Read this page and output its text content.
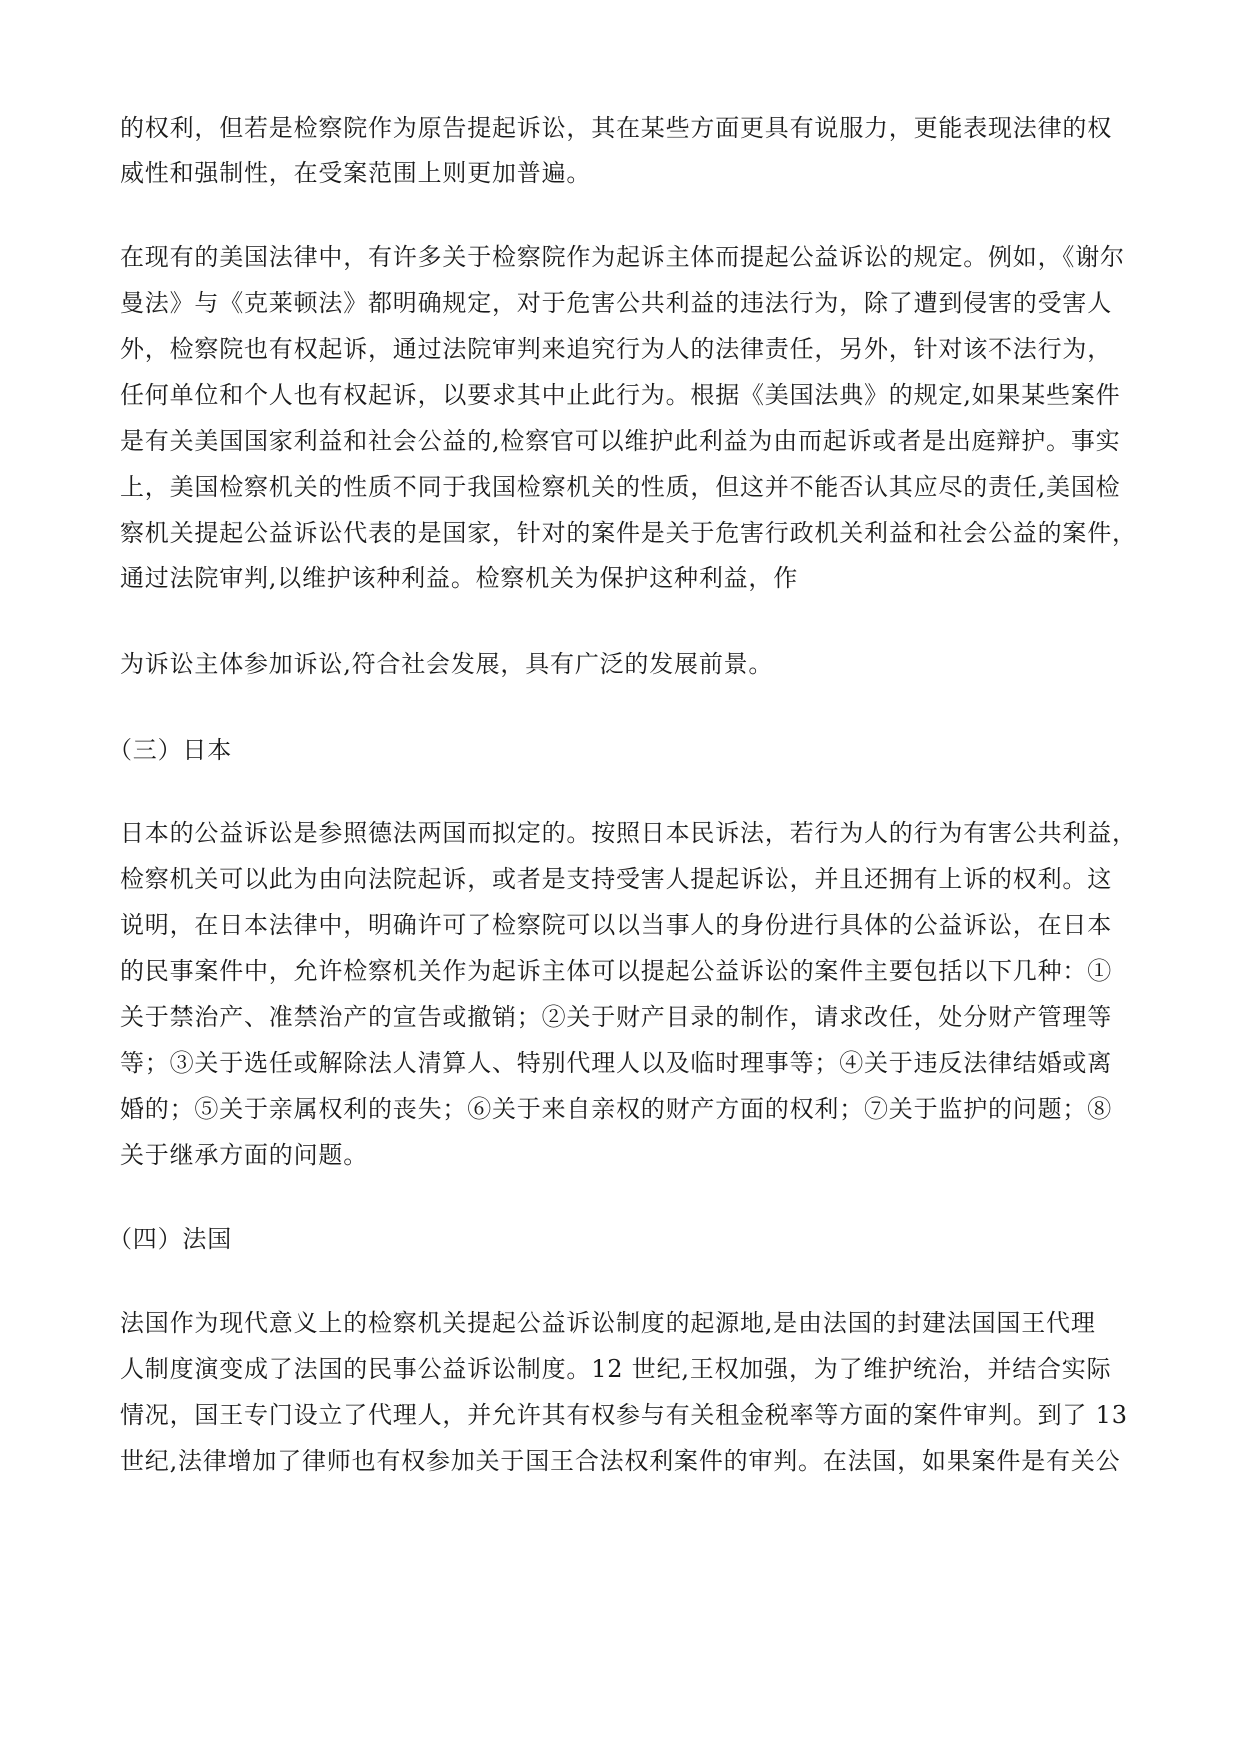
的权利，但若是检察院作为原告提起诉讼，其在某些方面更具有说服力，更能表现法律的权
威性和强制性，在受案范围上则更加普遍。
在现有的美国法律中，有许多关于检察院作为起诉主体而提起公益诉讼的规定。例如，《谢尔
曼法》与《克莱顿法》都明确规定，对于危害公共利益的违法行为，除了遭到侵害的受害人
外，检察院也有权起诉，通过法院审判来追究行为人的法律责任，另外，针对该不法行为，
任何单位和个人也有权起诉，以要求其中止此行为。根据《美国法典》的规定,如果某些案件
是有关美国国家利益和社会公益的,检察官可以维护此利益为由而起诉或者是出庭辩护。事实
上，美国检察机关的性质不同于我国检察机关的性质，但这并不能否认其应尽的责任,美国检
察机关提起公益诉讼代表的是国家，针对的案件是关于危害行政机关利益和社会公益的案件，
通过法院审判,以维护该种利益。检察机关为保护这种利益，作
为诉讼主体参加诉讼,符合社会发展，具有广泛的发展前景。
（三）日本
日本的公益诉讼是参照德法两国而拟定的。按照日本民诉法，若行为人的行为有害公共利益，
检察机关可以此为由向法院起诉，或者是支持受害人提起诉讼，并且还拥有上诉的权利。这
说明，在日本法律中，明确许可了检察院可以以当事人的身份进行具体的公益诉讼，在日本
的民事案件中，允许检察机关作为起诉主体可以提起公益诉讼的案件主要包括以下几种：①
关于禁治产、准禁治产的宣告或撤销；②关于财产目录的制作，请求改任，处分财产管理等
等；③关于选任或解除法人清算人、特别代理人以及临时理事等；④关于违反法律结婚或离
婚的；⑤关于亲属权利的丧失；⑥关于来自亲权的财产方面的权利；⑦关于监护的问题；⑧
关于继承方面的问题。
（四）法国
法国作为现代意义上的检察机关提起公益诉讼制度的起源地,是由法国的封建法国国王代理
人制度演变成了法国的民事公益诉讼制度。12 世纪,王权加强，为了维护统治，并结合实际
情况，国王专门设立了代理人，并允许其有权参与有关租金税率等方面的案件审判。到了 13
世纪,法律增加了律师也有权参加关于国王合法权利案件的审判。在法国，如果案件是有关公
